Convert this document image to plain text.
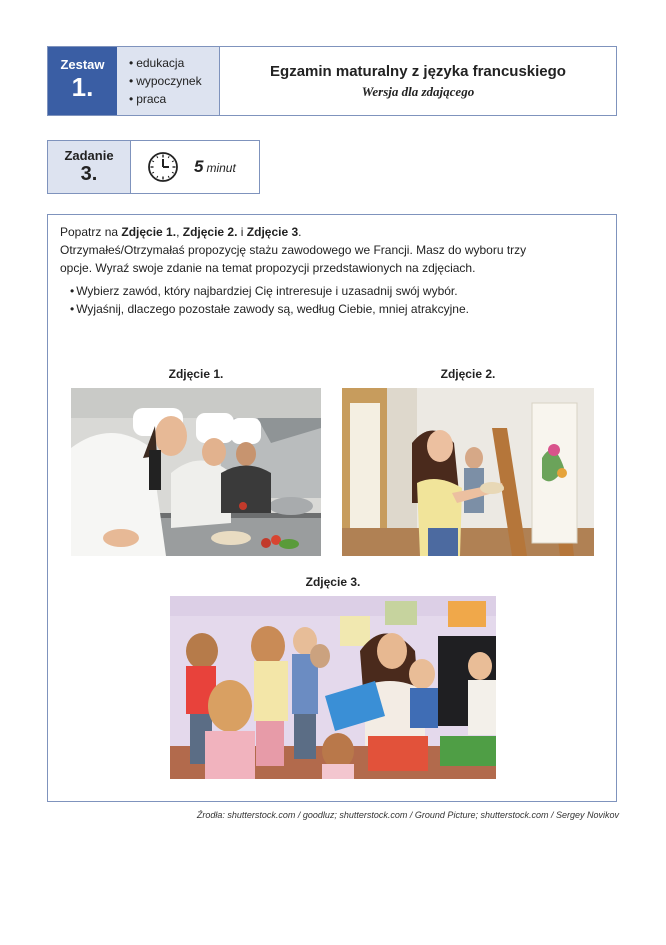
Zestaw
1.
• edukacja
• wypoczynek
• praca
Egzamin maturalny z języka francuskiego
Wersja dla zdającego
Zadanie
3.	5 minut
Popatrz na Zdjęcie 1., Zdjęcie 2. i Zdjęcie 3.
Otrzymałeś/Otrzymałaś propozycję stażu zawodowego we Francji. Masz do wyboru trzy
opcje. Wyraź swoje zdanie na temat propozycji przedstawionych na zdjęciach.
• Wybierz zawód, który najbardziej Cię intreresuje i uzasadnij swój wybór.
• Wyjaśnij, dlaczego pozostałe zawody są, według Ciebie, mniej atrakcyjne.
Zdjęcie 1.	Zdjęcie 2.
Zdjęcie 3.
Źrodła: shutterstock.com / goodluz; shutterstock.com / Ground Picture; shutterstock.com / Sergey Novikov
